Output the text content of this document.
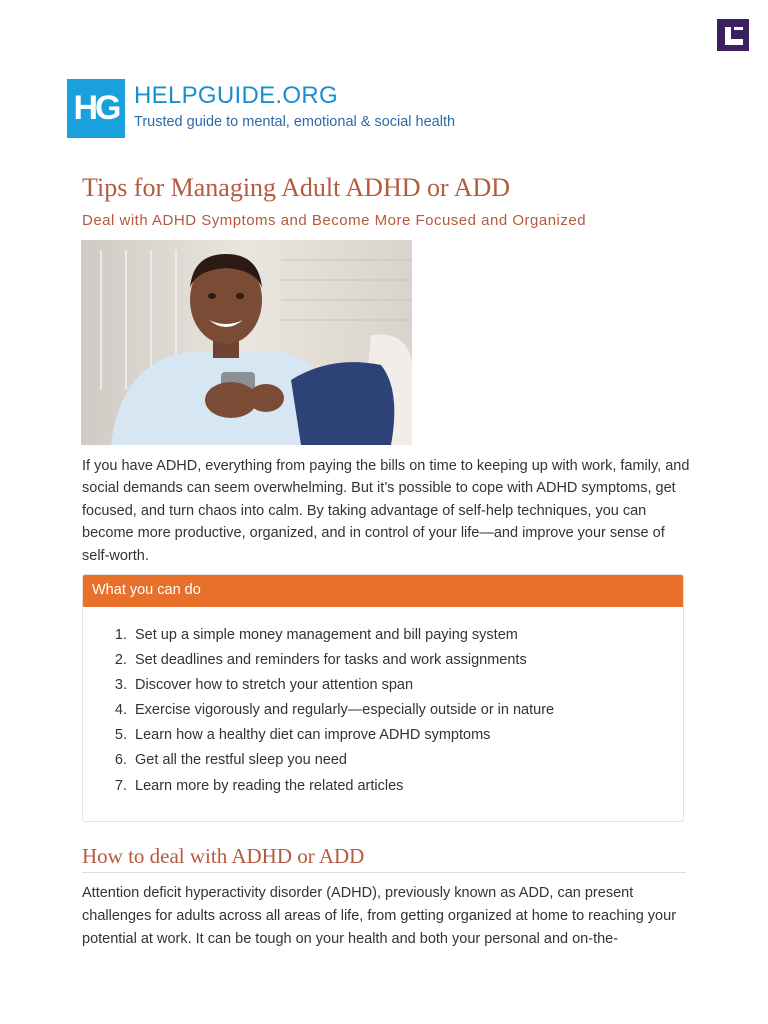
HG HELPGUIDE.ORG
Trusted guide to mental, emotional & social health
Tips for Managing Adult ADHD or ADD
Deal with ADHD Symptoms and Become More Focused and Organized

If you have ADHD, everything from paying the bills on time to keeping up with work, family, and social demands can seem overwhelming. But it’s possible to cope with ADHD symptoms, get focused, and turn chaos into calm. By taking advantage of self-help techniques, you can become more productive, organized, and in control of your life—and improve your sense of self-worth.

What you can do
1. Set up a simple money management and bill paying system
2. Set deadlines and reminders for tasks and work assignments
3. Discover how to stretch your attention span
4. Exercise vigorously and regularly—especially outside or in nature
5. Learn how a healthy diet can improve ADHD symptoms
6. Get all the restful sleep you need
7. Learn more by reading the related articles
How to deal with ADHD or ADD

Attention deficit hyperactivity disorder (ADHD), previously known as ADD, can present challenges for adults across all areas of life, from getting organized at home to reaching your potential at work. It can be tough on your health and both your personal and on-the-
